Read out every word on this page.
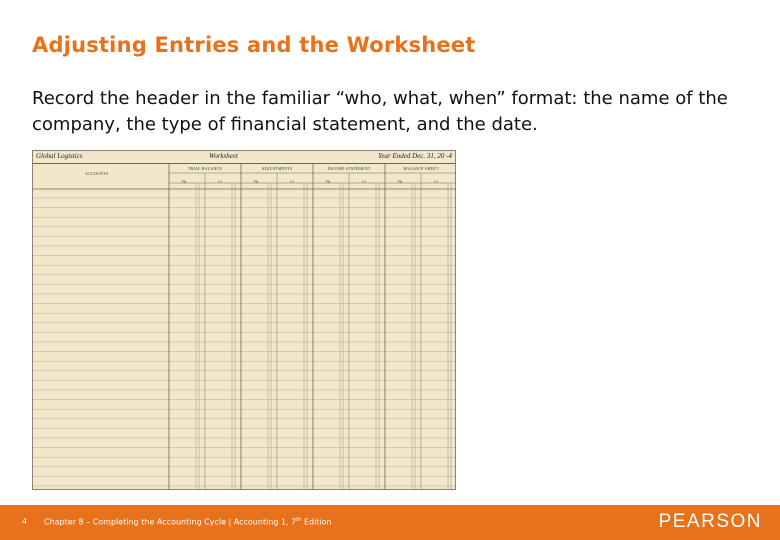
Adjusting Entries and the Worksheet
Record the header in the familiar “who, what, when” format: the name of the company, the type of financial statement, and the date.
Global Logistics	Worksheet	Year Ended Dec. 31, 20 -4
ACCOUNTS
TRIAL BALANCE	ADJUSTMENTS	INCOME STATEMENT	BALANCE SHEET
Dr	Cr	Dr	Cr	Dr	Cr	Dr	Cr
4 Chapter 8 – Completing the Accounting Cycle | Accounting 1, 7th Edition	PEARSON
